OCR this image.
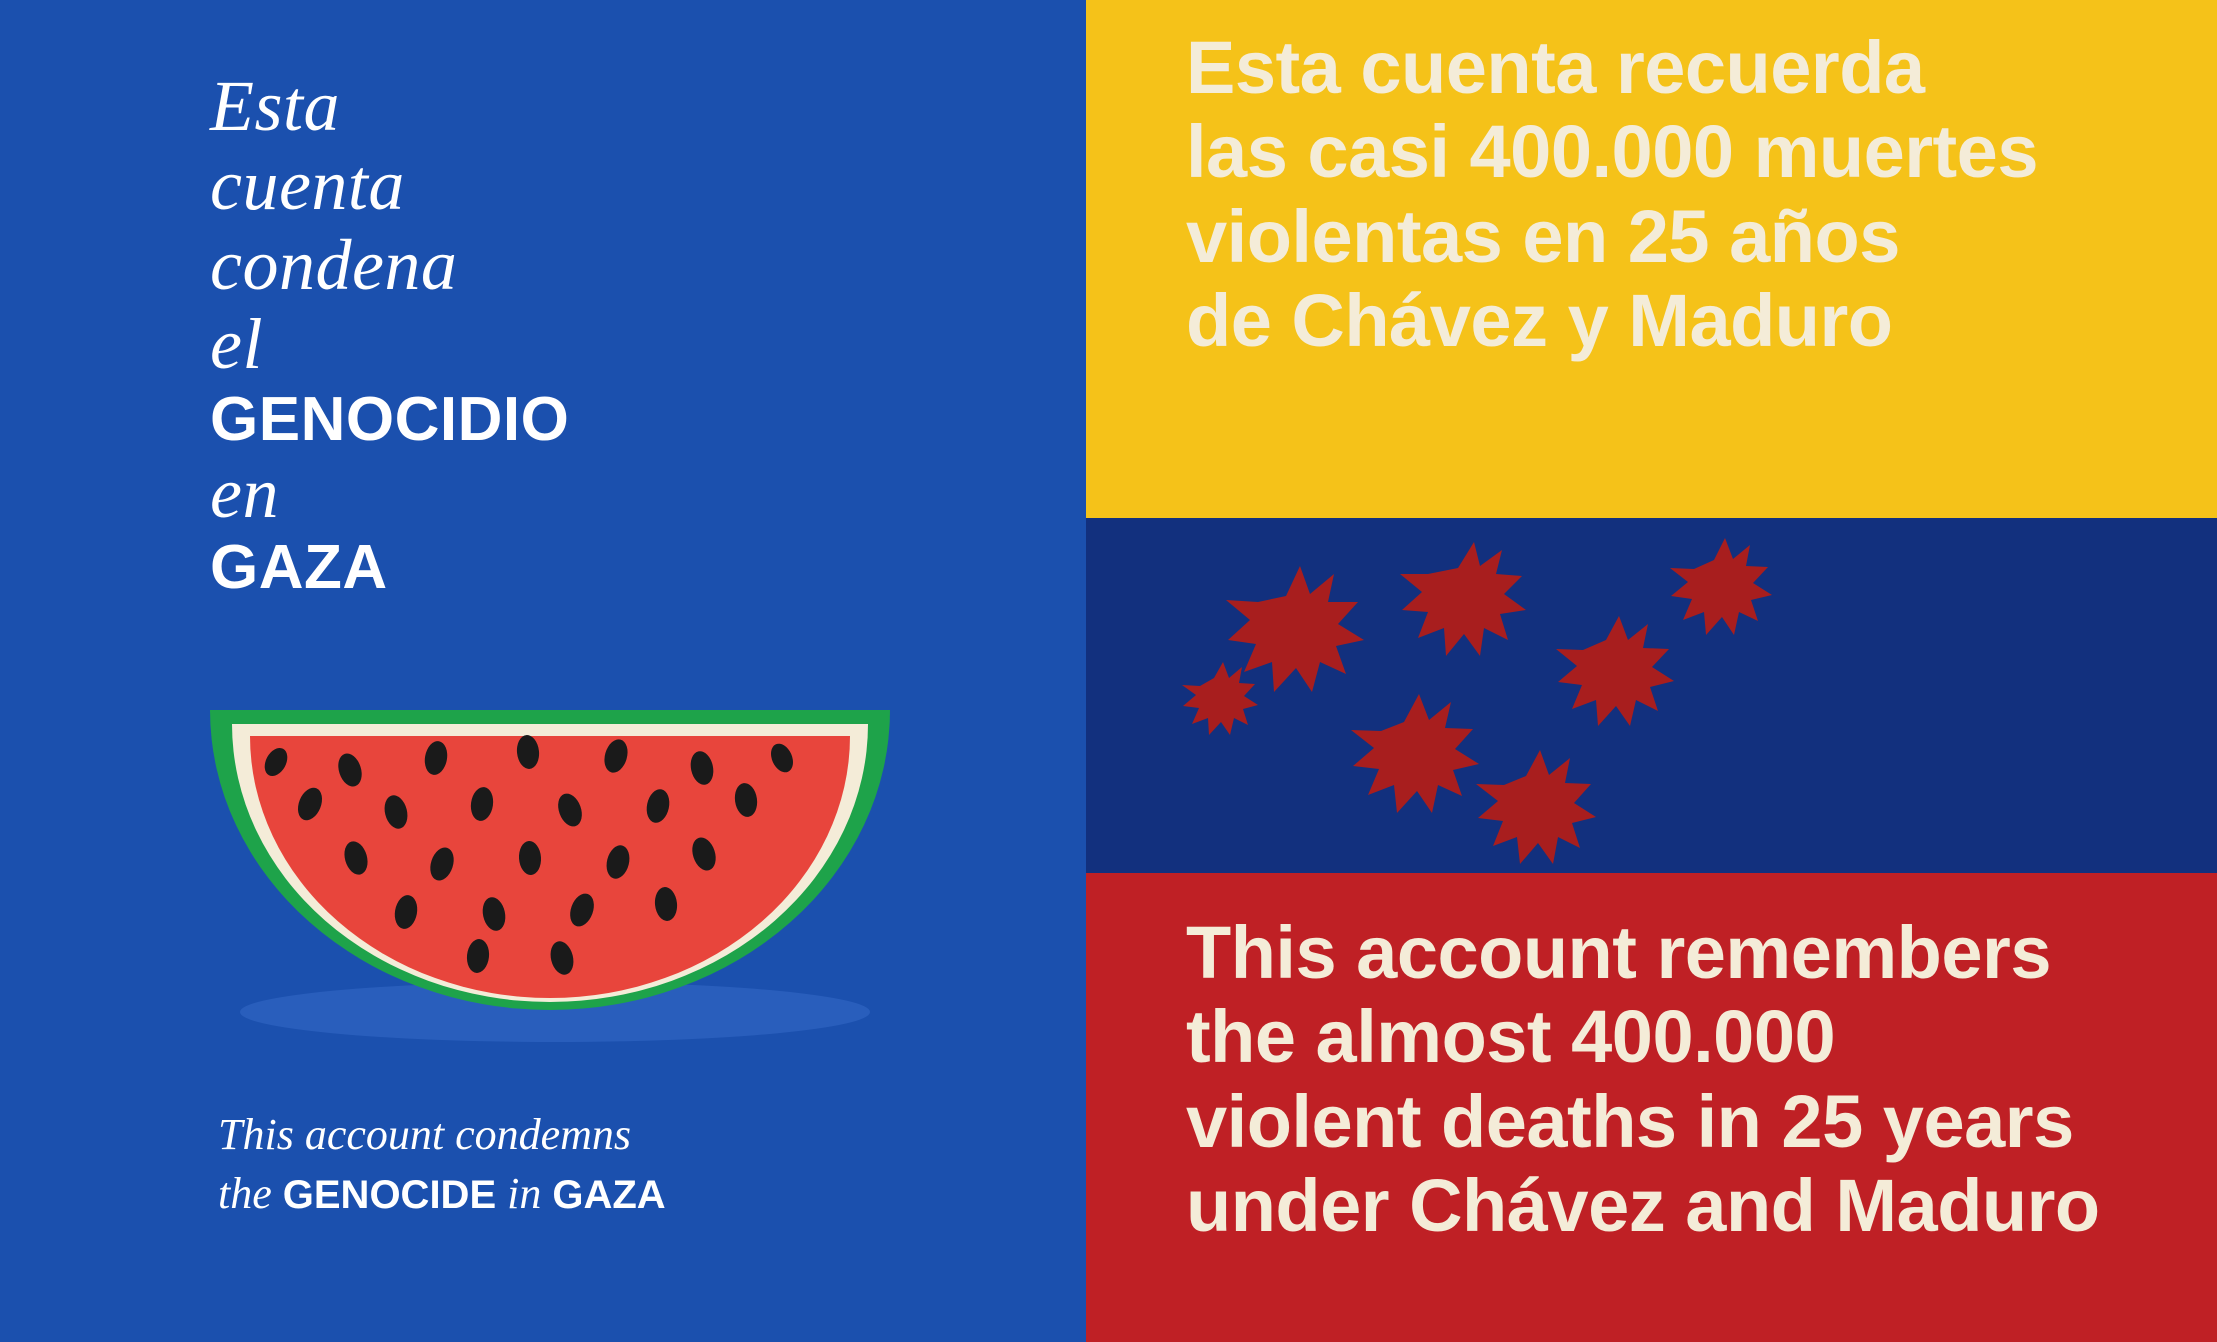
Esta
cuenta
condena
el
GENOCIDIO
en
GAZA
This account condemns
the GENOCIDE in GAZA
Esta cuenta recuerda
las casi 400.000 muertes
violentas en 25 años
de Chávez y Maduro
This account remembers
the almost 400.000
violent deaths in 25 years
under Chávez and Maduro
